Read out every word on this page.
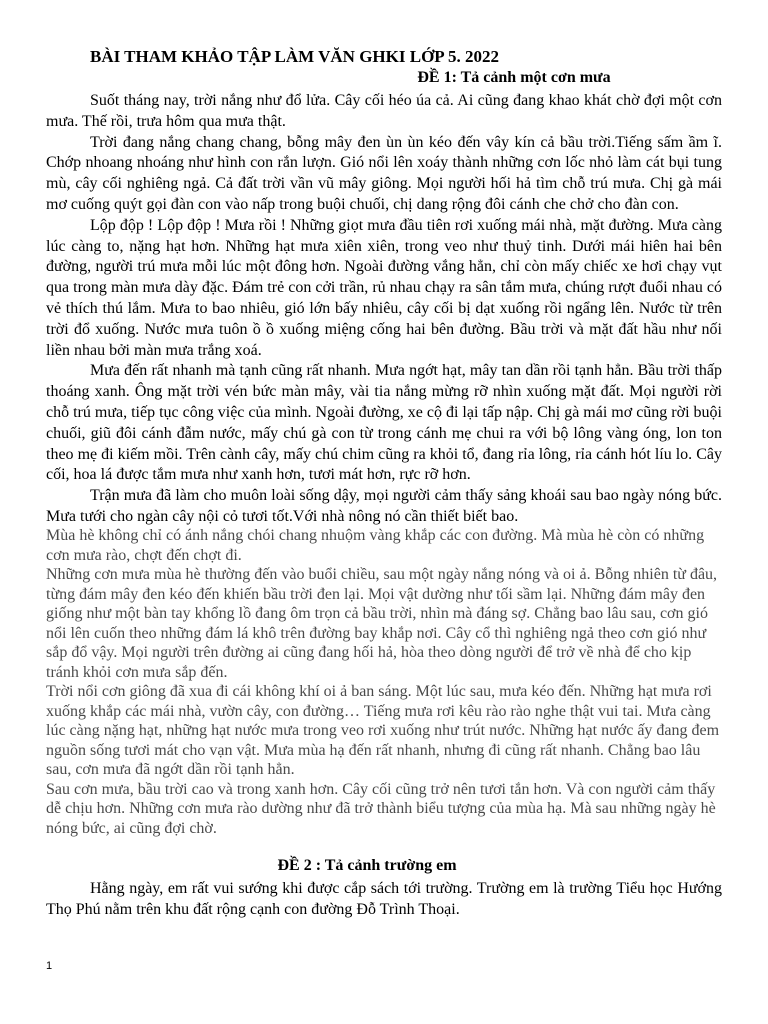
BÀI THAM KHẢO TẬP LÀM VĂN GHKI LỚP 5. 2022
ĐỀ 1: Tả cảnh một cơn mưa

Suốt tháng nay, trời nắng như đổ lửa. Cây cối héo úa cả. Ai cũng đang khao khát chờ đợi một cơn mưa. Thế rồi, trưa hôm qua mưa thật.

Trời đang nắng chang chang, bỗng mây đen ùn ùn kéo đến vây kín cả bầu trời.Tiếng sấm ầm ĩ. Chớp nhoang nhoáng như hình con rắn lượn. Gió nổi lên xoáy thành những cơn lốc nhỏ làm cát bụi tung mù, cây cối nghiêng ngả. Cả đất trời vần vũ mây giông. Mọi người hối hả tìm chỗ trú mưa. Chị gà mái mơ cuống quýt gọi đàn con vào nấp trong buội chuối, chị dang rộng đôi cánh che chở cho đàn con.

Lộp độp ! Lộp độp ! Mưa rồi ! Những giọt mưa đầu tiên rơi xuống mái nhà, mặt đường. Mưa càng lúc càng to, nặng hạt hơn. Những hạt mưa xiên xiên, trong veo như thuỷ tinh. Dưới mái hiên hai bên đường, người trú mưa mỗi lúc một đông hơn. Ngoài đường vắng hẳn, chỉ còn mấy chiếc xe hơi chạy vụt qua trong màn mưa dày đặc. Đám trẻ con cởi trần, rủ nhau chạy ra sân tắm mưa, chúng rượt đuổi nhau có vẻ thích thú lắm. Mưa to bao nhiêu, gió lớn bấy nhiêu, cây cối bị dạt xuống rồi ngẩng lên. Nước từ trên trời đổ xuống. Nước mưa tuôn ồ ồ xuống miệng cống hai bên đường. Bầu trời và mặt đất hầu như nối liền nhau bởi màn mưa trắng xoá.

Mưa đến rất nhanh mà tạnh cũng rất nhanh. Mưa ngớt hạt, mây tan dần rồi tạnh hẳn. Bầu trời thấp thoáng xanh. Ông mặt trời vén bức màn mây, vài tia nắng mừng rỡ nhìn xuống mặt đất. Mọi người rời chỗ trú mưa, tiếp tục công việc của mình. Ngoài đường, xe cộ đi lại tấp nập. Chị gà mái mơ cũng rời buội chuối, giũ đôi cánh đẫm nước, mấy chú gà con từ trong cánh mẹ chui ra với bộ lông vàng óng, lon ton theo mẹ đi kiếm mồi. Trên cành cây, mấy chú chim cũng ra khỏi tổ, đang rỉa lông, rỉa cánh hót líu lo. Cây cối, hoa lá được tắm mưa như xanh hơn, tươi mát hơn, rực rỡ hơn.

Trận mưa đã làm cho muôn loài sống dậy, mọi người cảm thấy sảng khoái sau bao ngày nóng bức. Mưa tưới cho ngàn cây nội cỏ tươi tốt.Với nhà nông nó cần thiết biết bao.

Mùa hè không chỉ có ánh nắng chói chang nhuộm vàng khắp các con đường. Mà mùa hè còn có những cơn mưa rào, chợt đến chợt đi.

Những cơn mưa mùa hè thường đến vào buổi chiều, sau một ngày nắng nóng và oi ả. Bỗng nhiên từ đâu, từng đám mây đen kéo đến khiến bầu trời đen lại. Mọi vật dường như tối sầm lại. Những đám mây đen giống như một bàn tay khổng lồ đang ôm trọn cả bầu trời, nhìn mà đáng sợ. Chẳng bao lâu sau, cơn gió nổi lên cuốn theo những đám lá khô trên đường bay khắp nơi. Cây cổ thì nghiêng ngả theo cơn gió như sắp đổ vậy. Mọi người trên đường ai cũng đang hối hả, hòa theo dòng người để trở về nhà để cho kịp tránh khỏi cơn mưa sắp đến.

Trời nổi cơn giông đã xua đi cái không khí oi ả ban sáng. Một lúc sau, mưa kéo đến. Những hạt mưa rơi xuống khắp các mái nhà, vườn cây, con đường… Tiếng mưa rơi kêu rào rào nghe thật vui tai. Mưa càng lúc càng nặng hạt, những hạt nước mưa trong veo rơi xuống như trút nước. Những hạt nước ấy đang đem nguồn sống tươi mát cho vạn vật. Mưa mùa hạ đến rất nhanh, nhưng đi cũng rất nhanh. Chẳng bao lâu sau, cơn mưa đã ngớt dần rồi tạnh hẳn.

Sau cơn mưa, bầu trời cao và trong xanh hơn. Cây cối cũng trở nên tươi tắn hơn. Và con người cảm thấy dễ chịu hơn. Những cơn mưa rào dường như đã trở thành biểu tượng của mùa hạ. Mà sau những ngày hè nóng bức, ai cũng đợi chờ.

ĐỀ 2 : Tả cảnh trường em

Hằng ngày, em rất vui sướng khi được cắp sách tới trường. Trường em là trường Tiểu học Hướng Thọ Phú nằm trên khu đất rộng cạnh con đường Đỗ Trình Thoại.

1
